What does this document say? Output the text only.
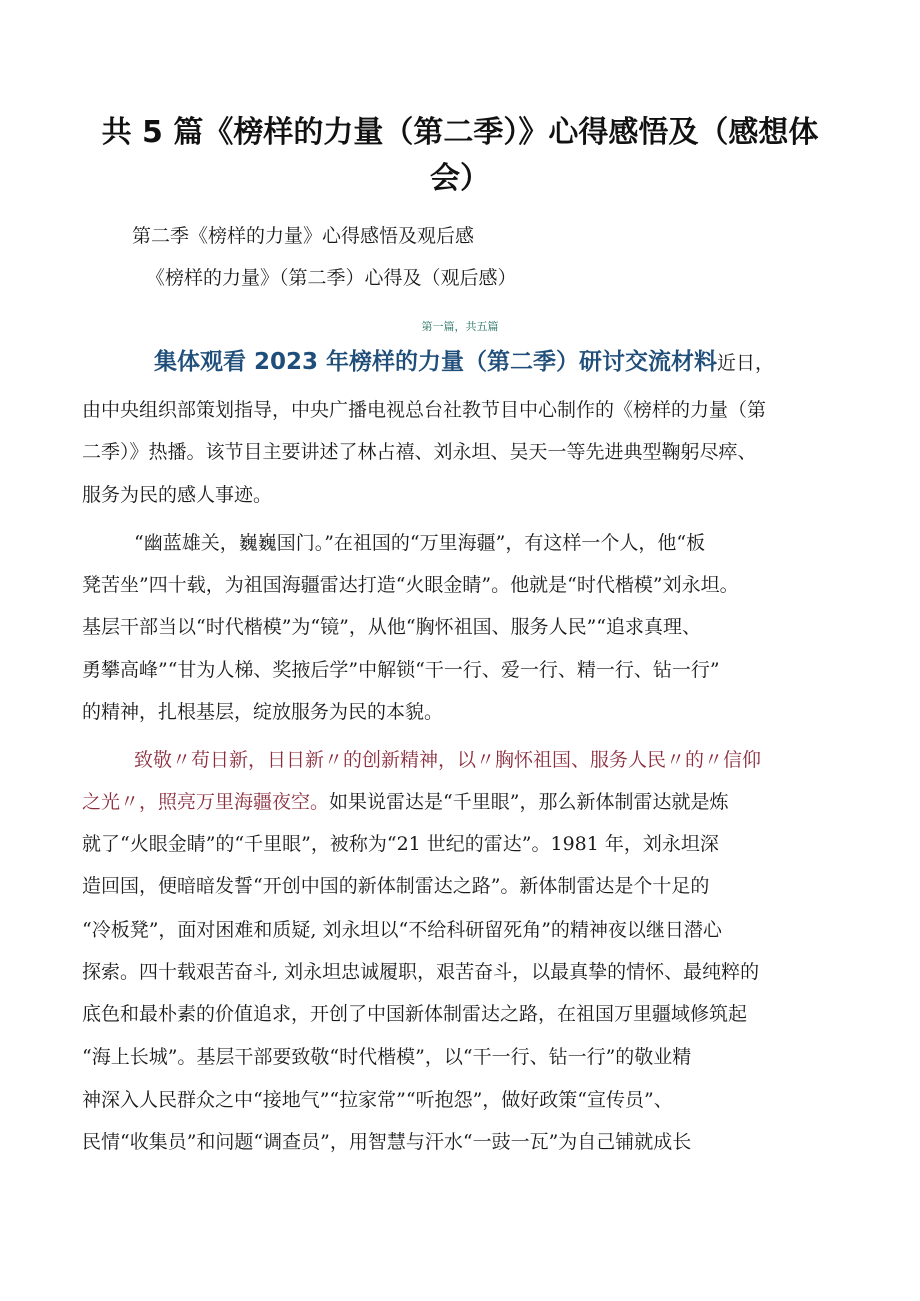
共 5 篇《榜样的力量（第二季）》心得感悟及（感想体
会）
第二季《榜样的力量》心得感悟及观后感
《榜样的力量》（第二季）心得及（观后感）
第一篇，共五篇
集体观看 2023 年榜样的力量（第二季）研讨交流材料近日，
由中央组织部策划指导，中央广播电视总台社教节目中心制作的《榜样的力量（第
二季）》热播。该节目主要讲述了林占禧、刘永坦、吴天一等先进典型鞠躬尽瘁、
服务为民的感人事迹。
“幽蓝雄关，巍巍国门。”在祖国的“万里海疆”，有这样一个人，他“板
凳苦坐”四十载，为祖国海疆雷达打造“火眼金睛”。他就是“时代楷模”刘永坦。
基层干部当以“时代楷模”为“镜”，从他“胸怀祖国、服务人民”“追求真理、
勇攀高峰”“甘为人梯、奖掖后学”中解锁“干一行、爱一行、精一行、钻一行”
的精神，扎根基层，绽放服务为民的本貌。
致敬〃苟日新，日日新〃的创新精神，以〃胸怀祖国、服务人民〃的〃信仰
之光〃，照亮万里海疆夜空。如果说雷达是“千里眼”，那么新体制雷达就是炼
就了“火眼金睛”的“千里眼”，被称为“21 世纪的雷达”。1981 年，刘永坦深
造回国，便暗暗发誓“开创中国的新体制雷达之路”。新体制雷达是个十足的
“冷板凳”，面对困难和质疑, 刘永坦以“不给科研留死角”的精神夜以继日潜心
探索。四十载艰苦奋斗, 刘永坦忠诚履职，艰苦奋斗，以最真挚的情怀、最纯粹的
底色和最朴素的价值追求，开创了中国新体制雷达之路，在祖国万里疆域修筑起
“海上长城”。基层干部要致敬“时代楷模”，以“干一行、钻一行”的敬业精
神深入人民群众之中“接地气”“拉家常”“听抱怨”，做好政策“宣传员”、
民情“收集员”和问题“调查员”，用智慧与汗水“一豉一瓦”为自己铺就成长
